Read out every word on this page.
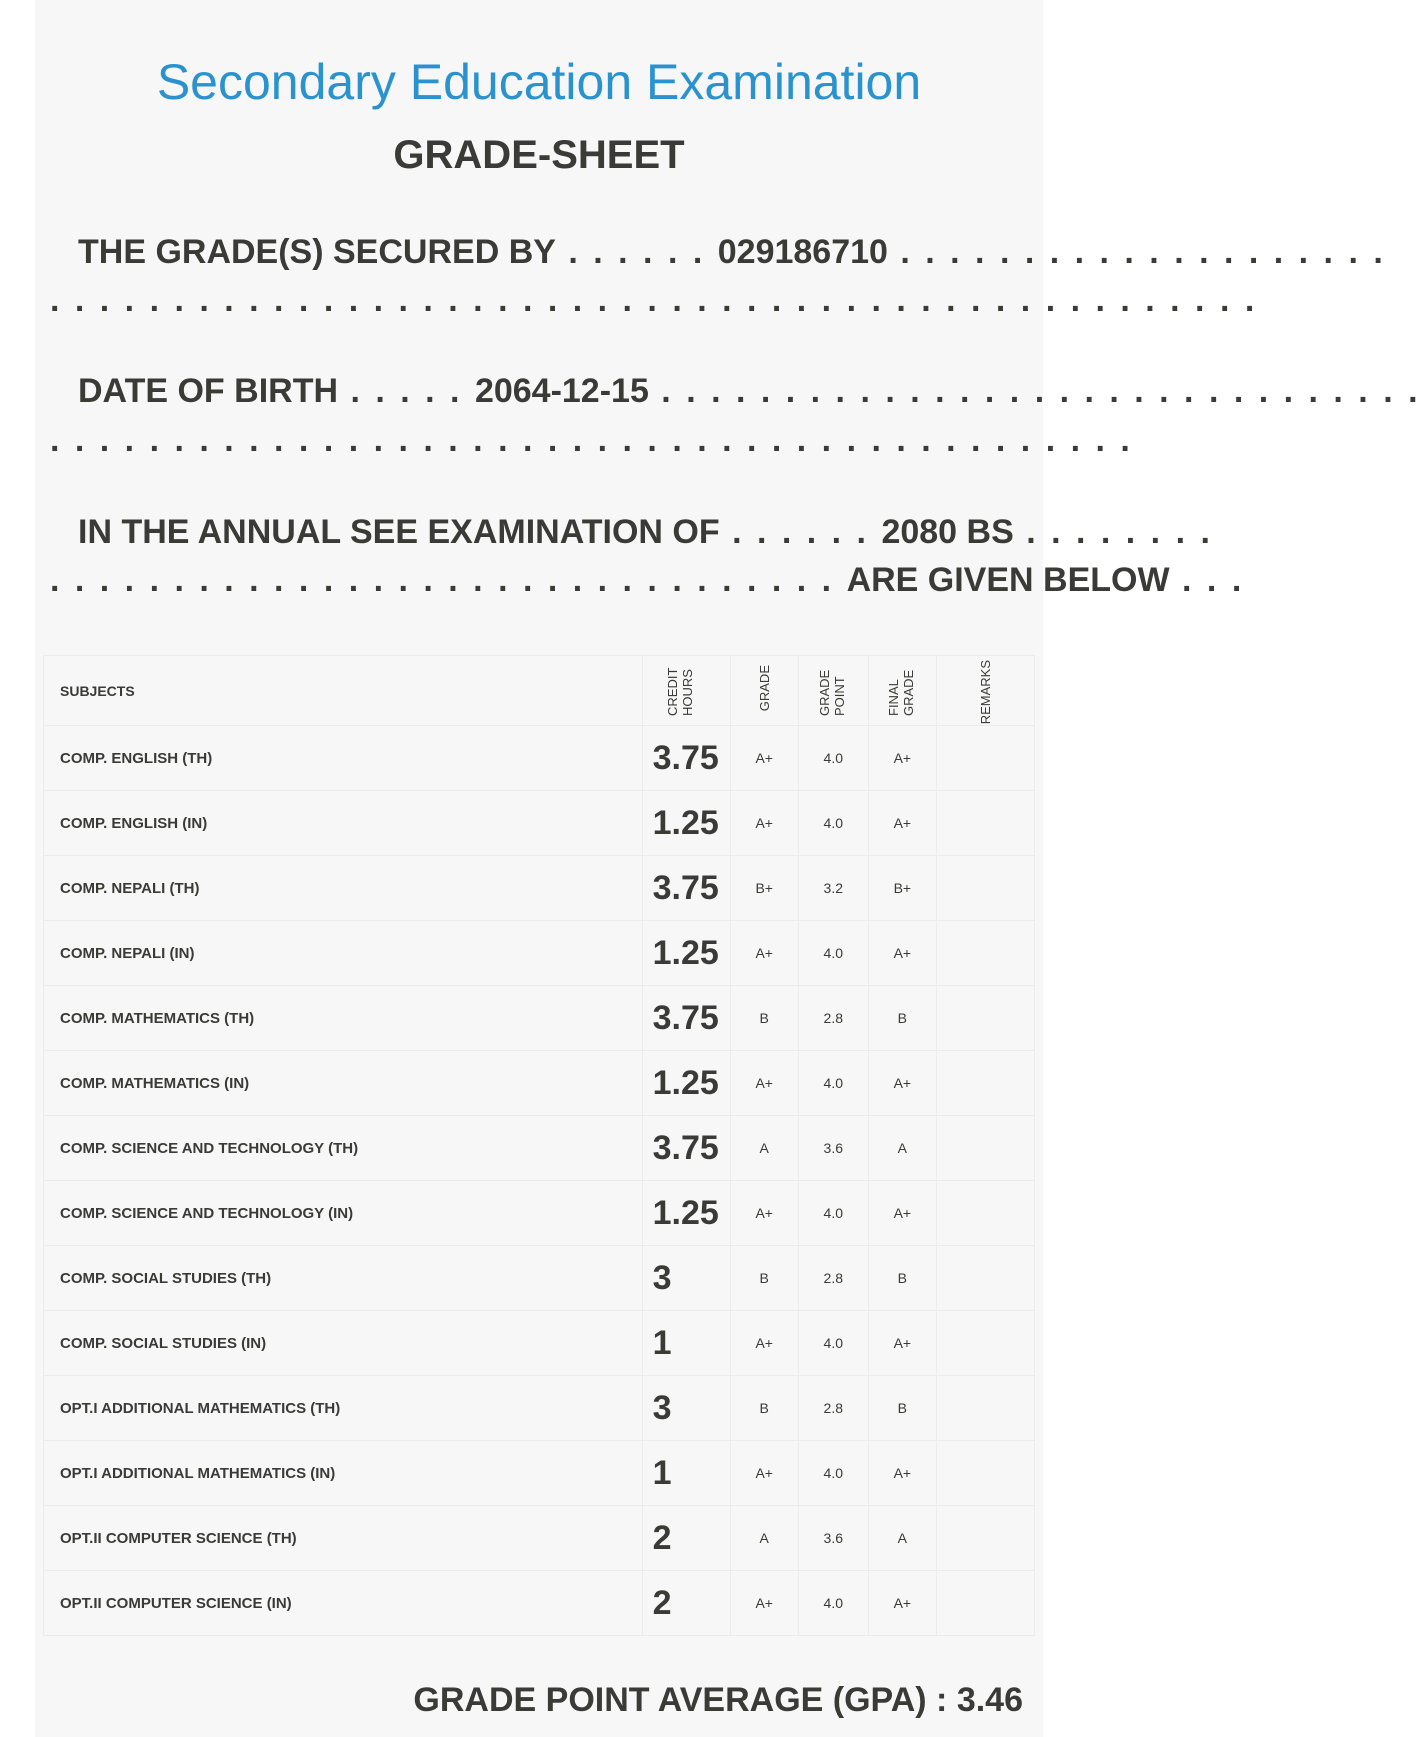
Secondary Education Examination
GRADE-SHEET
THE GRADE(S) SECURED BY . . . . . . 029186710 . . . . . . . . . . . . . . . . . . . .
. . . . . . . . . . . . . . . . . . . . . . . . . . . . . . . . . . . . . . . . . . . . . . . . .
DATE OF BIRTH . . . . . 2064-12-15 . . . . . . . . . . . . . . . . . . . . . . . . . . . . . . .
. . . . . . . . . . . . . . . . . . . . . . . . . . . . . . . . . . . . . . . . . . . .
IN THE ANNUAL SEE EXAMINATION OF . . . . . . 2080 BS . . . . . . . .
. . . . . . . . . . . . . . . . . . . . . . . . . . . . . . . . ARE GIVEN BELOW . . .
SUBJECTS	CREDIT HOURS	GRADE	GRADE POINT	FINAL GRADE	REMARKS
COMP. ENGLISH (TH)	3.75	A+	4.0	A+	
COMP. ENGLISH (IN)	1.25	A+	4.0	A+	
COMP. NEPALI (TH)	3.75	B+	3.2	B+	
COMP. NEPALI (IN)	1.25	A+	4.0	A+	
COMP. MATHEMATICS (TH)	3.75	B	2.8	B	
COMP. MATHEMATICS (IN)	1.25	A+	4.0	A+	
COMP. SCIENCE AND TECHNOLOGY (TH)	3.75	A	3.6	A	
COMP. SCIENCE AND TECHNOLOGY (IN)	1.25	A+	4.0	A+	
COMP. SOCIAL STUDIES (TH)	3	B	2.8	B	
COMP. SOCIAL STUDIES (IN)	1	A+	4.0	A+	
OPT.I ADDITIONAL MATHEMATICS (TH)	3	B	2.8	B	
OPT.I ADDITIONAL MATHEMATICS (IN)	1	A+	4.0	A+	
OPT.II COMPUTER SCIENCE (TH)	2	A	3.6	A	
OPT.II COMPUTER SCIENCE (IN)	2	A+	4.0	A+	
GRADE POINT AVERAGE (GPA) : 3.46
